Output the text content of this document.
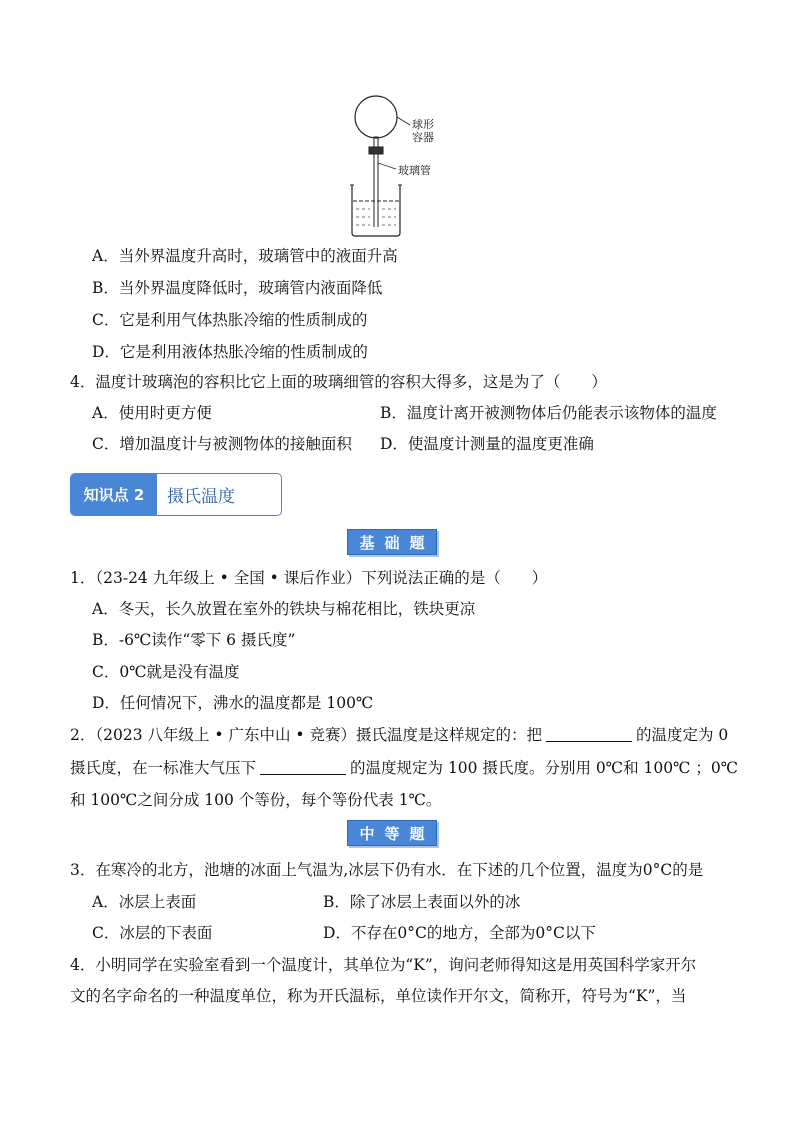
球形
容器
玻璃管
A．当外界温度升高时，玻璃管中的液面升高
B．当外界温度降低时，玻璃管内液面降低
C．它是利用气体热胀冷缩的性质制成的
D．它是利用液体热胀冷缩的性质制成的
4．温度计玻璃泡的容积比它上面的玻璃细管的容积大得多，这是为了（　　）
A．使用时更方便	B．温度计离开被测物体后仍能表示该物体的温度
C．增加温度计与被测物体的接触面积 D．使温度计测量的温度更准确
知识点 2	摄氏温度
基础题
1．（23-24 九年级上 • 全国 • 课后作业）下列说法正确的是（　　）
A．冬天，长久放置在室外的铁块与棉花相比，铁块更凉
B．-6℃读作“零下 6 摄氏度”
C．0℃就是没有温度
D．任何情况下，沸水的温度都是 100℃
2．（2023 八年级上 • 广东中山 • 竞赛）摄氏温度是这样规定的：把	的温度定为 0
摄氏度，在一标准大气压下	的温度规定为 100 摄氏度。分别用 0℃和 100℃ ；0℃
和 100℃之间分成 100 个等份，每个等份代表 1℃。
中等题
3．在寒冷的北方，池塘的冰面上气温为,冰层下仍有水．在下述的几个位置，温度为0°C的是
A．冰层上表面	B．除了冰层上表面以外的冰
C．冰层的下表面	D．不存在0°C的地方，全部为0°C以下
4．小明同学在实验室看到一个温度计，其单位为“K”，询问老师得知这是用英国科学家开尔
文的名字命名的一种温度单位，称为开氏温标，单位读作开尔文，简称开，符号为“K”，当
